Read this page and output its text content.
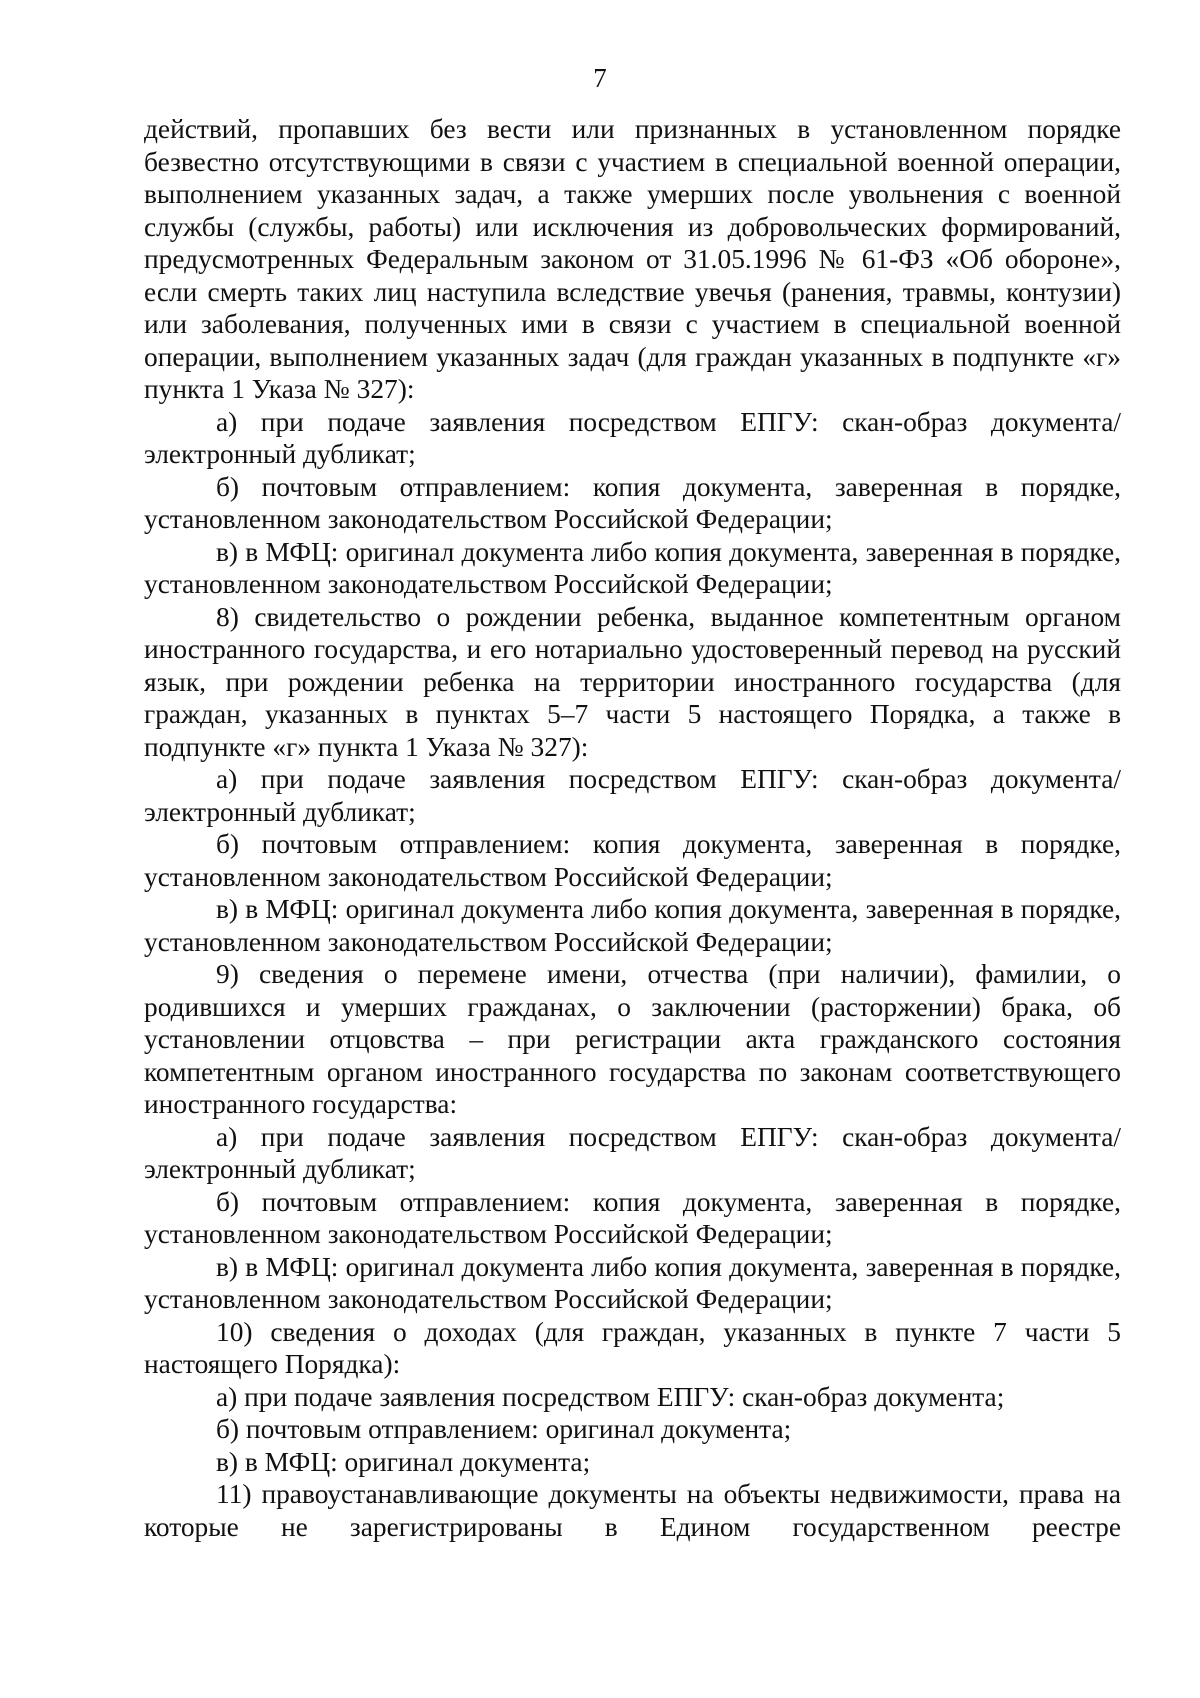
7

действий, пропавших без вести или признанных в установленном порядке безвестно отсутствующими в связи с участием в специальной военной операции, выполнением указанных задач, а также умерших после увольнения с военной службы (службы, работы) или исключения из добровольческих формирований, предусмотренных Федеральным законом от 31.05.1996 № 61-ФЗ «Об обороне», если смерть таких лиц наступила вследствие увечья (ранения, травмы, контузии) или заболевания, полученных ими в связи с участием в специальной военной операции, выполнением указанных задач (для граждан указанных в подпункте «г» пункта 1 Указа № 327):

а) при подаче заявления посредством ЕПГУ: скан-образ документа/электронный дубликат;

б) почтовым отправлением: копия документа, заверенная в порядке, установленном законодательством Российской Федерации;

в) в МФЦ: оригинал документа либо копия документа, заверенная в порядке, установленном законодательством Российской Федерации;

8) свидетельство о рождении ребенка, выданное компетентным органом иностранного государства, и его нотариально удостоверенный перевод на русский язык, при рождении ребенка на территории иностранного государства (для граждан, указанных в пунктах 5–7 части 5 настоящего Порядка, а также в подпункте «г» пункта 1 Указа № 327):

а) при подаче заявления посредством ЕПГУ: скан-образ документа/электронный дубликат;

б) почтовым отправлением: копия документа, заверенная в порядке, установленном законодательством Российской Федерации;

в) в МФЦ: оригинал документа либо копия документа, заверенная в порядке, установленном законодательством Российской Федерации;

9) сведения о перемене имени, отчества (при наличии), фамилии, о родившихся и умерших гражданах, о заключении (расторжении) брака, об установлении отцовства – при регистрации акта гражданского состояния компетентным органом иностранного государства по законам соответствующего иностранного государства:

а) при подаче заявления посредством ЕПГУ: скан-образ документа/электронный дубликат;

б) почтовым отправлением: копия документа, заверенная в порядке, установленном законодательством Российской Федерации;

в) в МФЦ: оригинал документа либо копия документа, заверенная в порядке, установленном законодательством Российской Федерации;

10) сведения о доходах (для граждан, указанных в пункте 7 части 5 настоящего Порядка):

а) при подаче заявления посредством ЕПГУ: скан-образ документа;

б) почтовым отправлением: оригинал документа;

в) в МФЦ: оригинал документа;

11) правоустанавливающие документы на объекты недвижимости, права на которые не зарегистрированы в Едином государственном реестре
